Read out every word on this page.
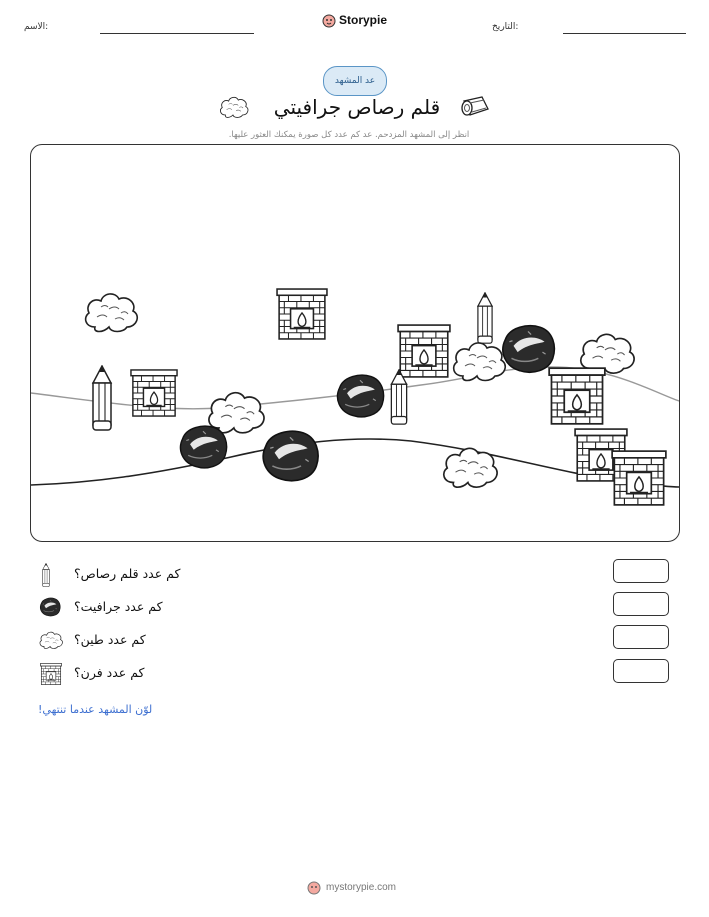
الاسم:	Storypie	التاريخ:
عد المشهد
قلم رصاص جرافيتي
انظر إلى المشهد المزدحم. عد كم عدد كل صورة يمكنك العثور عليها.
كم عدد قلم رصاص؟
كم عدد جرافيت؟
كم عدد طين؟
كم عدد فرن؟
لوّن المشهد عندما تنتهي!
mystorypie.com
